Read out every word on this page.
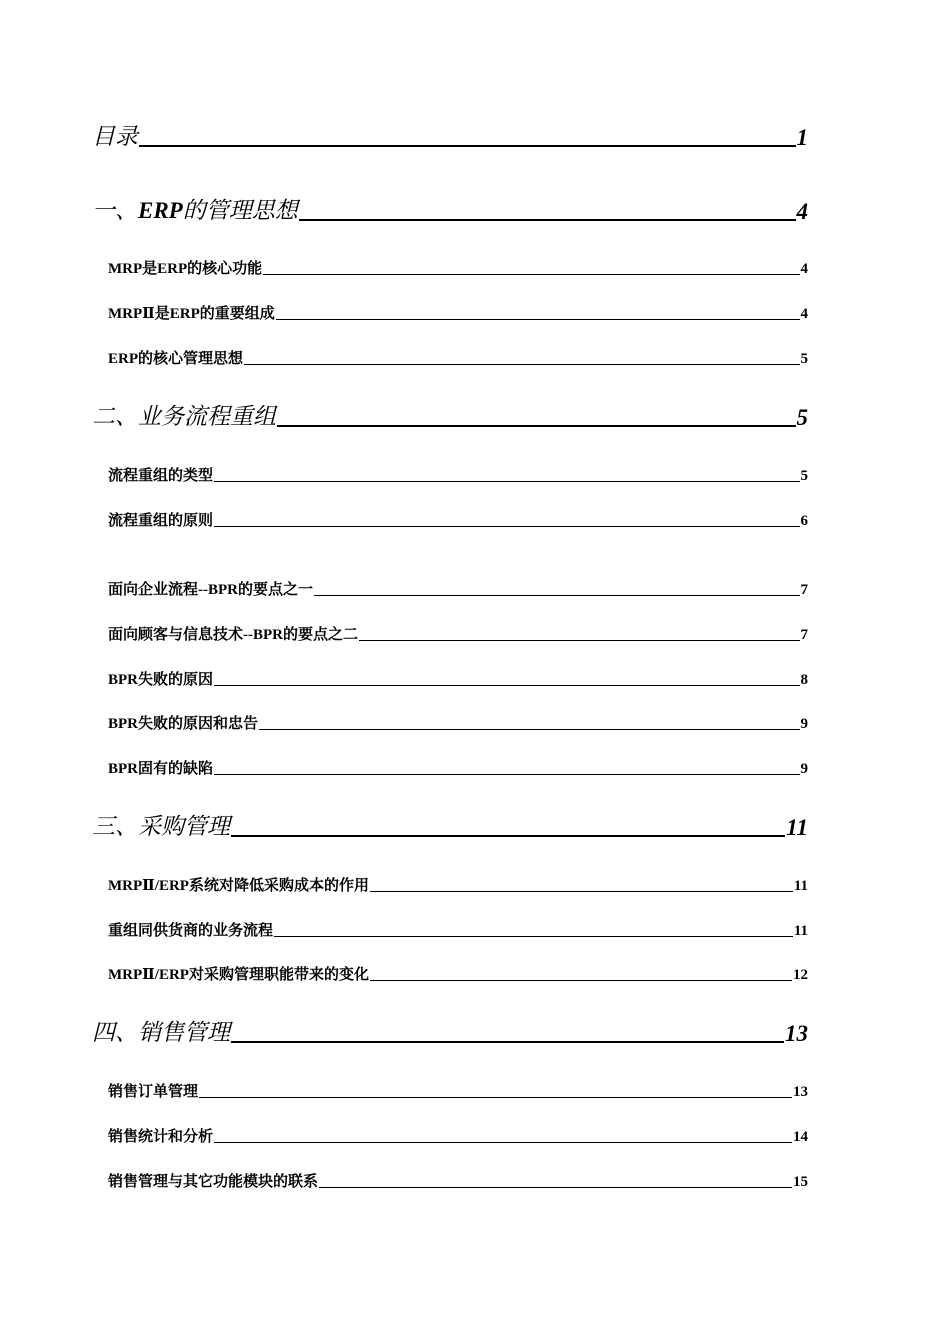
目录	1
一、ERP的管理思想	4
MRP是ERP的核心功能	4
MRPⅡ是ERP的重要组成	4
ERP的核心管理思想	5
二、业务流程重组	5
流程重组的类型	5
流程重组的原则	6
面向企业流程--BPR的要点之一	7
面向顾客与信息技术--BPR的要点之二	7
BPR失败的原因	8
BPR失败的原因和忠告	9
BPR固有的缺陷	9
三、采购管理	11
MRPⅡ/ERP系统对降低采购成本的作用	11
重组同供货商的业务流程	11
MRPⅡ/ERP对采购管理职能带来的变化	12
四、销售管理	13
销售订单管理	13
销售统计和分析	14
销售管理与其它功能模块的联系	15
